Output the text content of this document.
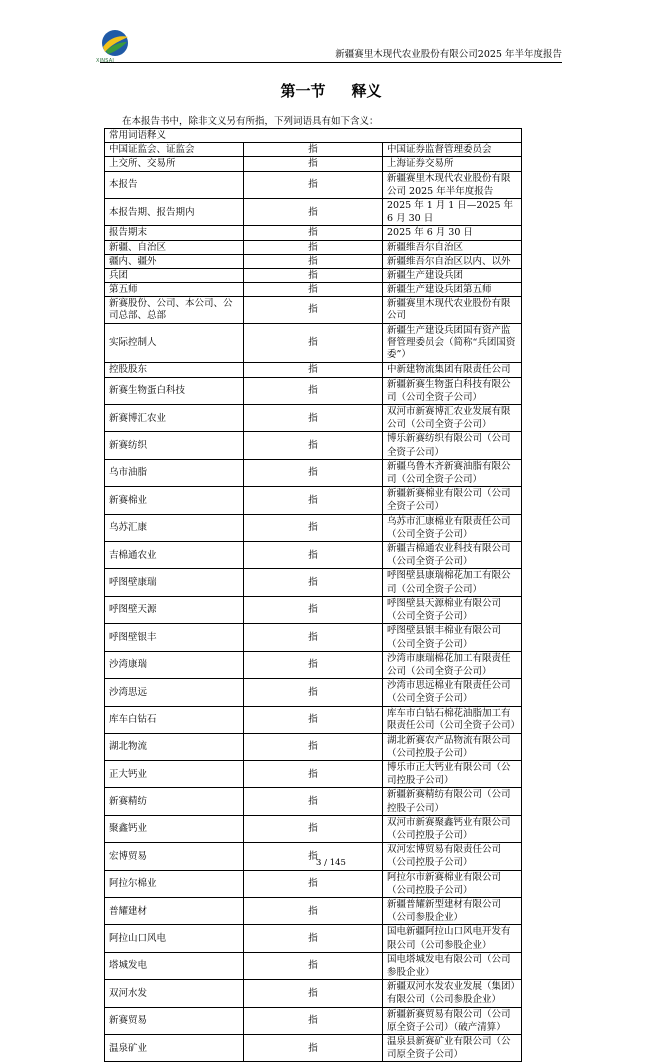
XINSAI
新疆赛里木现代农业股份有限公司2025 年半年度报告
第一节 释义
在本报告书中，除非文义另有所指，下列词语具有如下含义：
常用词语释义		
中国证监会、证监会	指	中国证券监督管理委员会
上交所、交易所	指	上海证券交易所
本报告	指	新疆赛里木现代农业股份有限公司 2025 年半年度报告
本报告期、报告期内	指	2025 年 1 月 1 日—2025 年 6 月 30 日
报告期末	指	2025 年 6 月 30 日
新疆、自治区	指	新疆维吾尔自治区
疆内、疆外	指	新疆维吾尔自治区以内、以外
兵团	指	新疆生产建设兵团
第五师	指	新疆生产建设兵团第五师
新赛股份、公司、本公司、公司总部、总部	指	新疆赛里木现代农业股份有限公司
实际控制人	指	新疆生产建设兵团国有资产监督管理委员会（简称“兵团国资委”）
控股股东	指	中新建物流集团有限责任公司
新赛生物蛋白科技	指	新疆新赛生物蛋白科技有限公司（公司全资子公司）
新赛博汇农业	指	双河市新赛博汇农业发展有限公司（公司全资子公司）
新赛纺织	指	博乐新赛纺织有限公司（公司全资子公司）
乌市油脂	指	新疆乌鲁木齐新赛油脂有限公司（公司全资子公司）
新赛棉业	指	新疆新赛棉业有限公司（公司全资子公司）
乌苏汇康	指	乌苏市汇康棉业有限责任公司（公司全资子公司）
吉棉通农业	指	新疆吉棉通农业科技有限公司（公司全资子公司）
呼图壁康瑞	指	呼图壁县康瑞棉花加工有限公司（公司全资子公司）
呼图壁天源	指	呼图壁县天源棉业有限公司（公司全资子公司）
呼图壁银丰	指	呼图壁县银丰棉业有限公司（公司全资子公司）
沙湾康瑞	指	沙湾市康瑞棉花加工有限责任公司（公司全资子公司）
沙湾思远	指	沙湾市思远棉业有限责任公司（公司全资子公司）
库车白钻石	指	库车市白钻石棉花油脂加工有限责任公司（公司全资子公司）
湖北物流	指	湖北新赛农产品物流有限公司（公司控股子公司）
正大钙业	指	博乐市正大钙业有限公司（公司控股子公司）
新赛精纺	指	新疆新赛精纺有限公司（公司控股子公司）
聚鑫钙业	指	双河市新赛聚鑫钙业有限公司（公司控股子公司）
宏博贸易	指	双河宏博贸易有限责任公司（公司控股子公司）
阿拉尔棉业	指	阿拉尔市新赛棉业有限公司（公司控股子公司）
普耀建材	指	新疆普耀新型建材有限公司（公司参股企业）
阿拉山口风电	指	国电新疆阿拉山口风电开发有限公司（公司参股企业）
塔城发电	指	国电塔城发电有限公司（公司参股企业）
双河水发	指	新疆双河水发农业发展（集团）有限公司（公司参股企业）
新赛贸易	指	新疆新赛贸易有限公司（公司原全资子公司）（破产清算）
温泉矿业	指	温泉县新赛矿业有限公司（公司原全资子公司）
3 / 145
